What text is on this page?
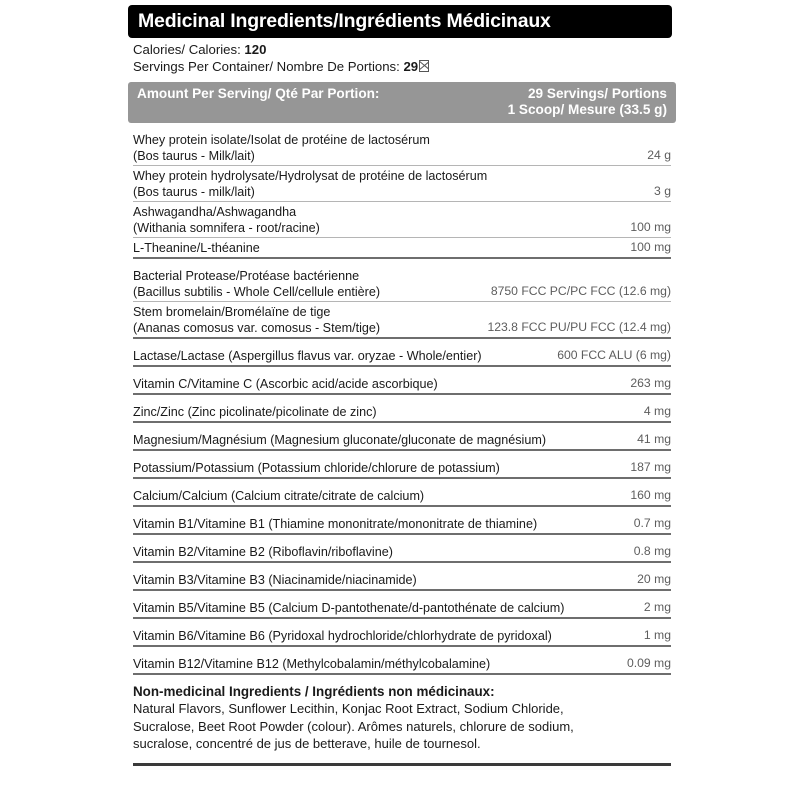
Medicinal Ingredients/Ingrédients Médicinaux
Calories/ Calories: 120
Servings Per Container/ Nombre De Portions: 29
Amount Per Serving/ Qté Par Portion:	29 Servings/ Portions
1 Scoop/ Mesure (33.5 g)
Whey protein isolate/Isolat de protéine de lactosérum
(Bos taurus - Milk/lait)	24 g
Whey protein hydrolysate/Hydrolysat de protéine de lactosérum
(Bos taurus - milk/lait)	3 g
Ashwagandha/Ashwagandha
(Withania somnifera - root/racine)	100 mg
L-Theanine/L-théanine	100 mg
Bacterial Protease/Protéase bactérienne
(Bacillus subtilis - Whole Cell/cellule entière)	8750 FCC PC/PC FCC (12.6 mg)
Stem bromelain/Bromélaïne de tige
(Ananas comosus var. comosus - Stem/tige)	123.8 FCC PU/PU FCC (12.4 mg)
Lactase/Lactase (Aspergillus flavus var. oryzae - Whole/entier)	600 FCC ALU (6 mg)
Vitamin C/Vitamine C (Ascorbic acid/acide ascorbique)	263 mg
Zinc/Zinc (Zinc picolinate/picolinate de zinc)	4 mg
Magnesium/Magnésium (Magnesium gluconate/gluconate de magnésium)	41 mg
Potassium/Potassium (Potassium chloride/chlorure de potassium)	187 mg
Calcium/Calcium (Calcium citrate/citrate de calcium)	160 mg
Vitamin B1/Vitamine B1 (Thiamine mononitrate/mononitrate de thiamine)	0.7 mg
Vitamin B2/Vitamine B2 (Riboflavin/riboflavine)	0.8 mg
Vitamin B3/Vitamine B3 (Niacinamide/niacinamide)	20 mg
Vitamin B5/Vitamine B5 (Calcium D-pantothenate/d-pantothénate de calcium)	2 mg
Vitamin B6/Vitamine B6 (Pyridoxal hydrochloride/chlorhydrate de pyridoxal)	1 mg
Vitamin B12/Vitamine B12 (Methylcobalamin/méthylcobalamine)	0.09 mg
Non-medicinal Ingredients / Ingrédients non médicinaux:
Natural Flavors, Sunflower Lecithin, Konjac Root Extract, Sodium Chloride,
Sucralose, Beet Root Powder (colour). Arômes naturels, chlorure de sodium,
sucralose, concentré de jus de betterave, huile de tournesol.
